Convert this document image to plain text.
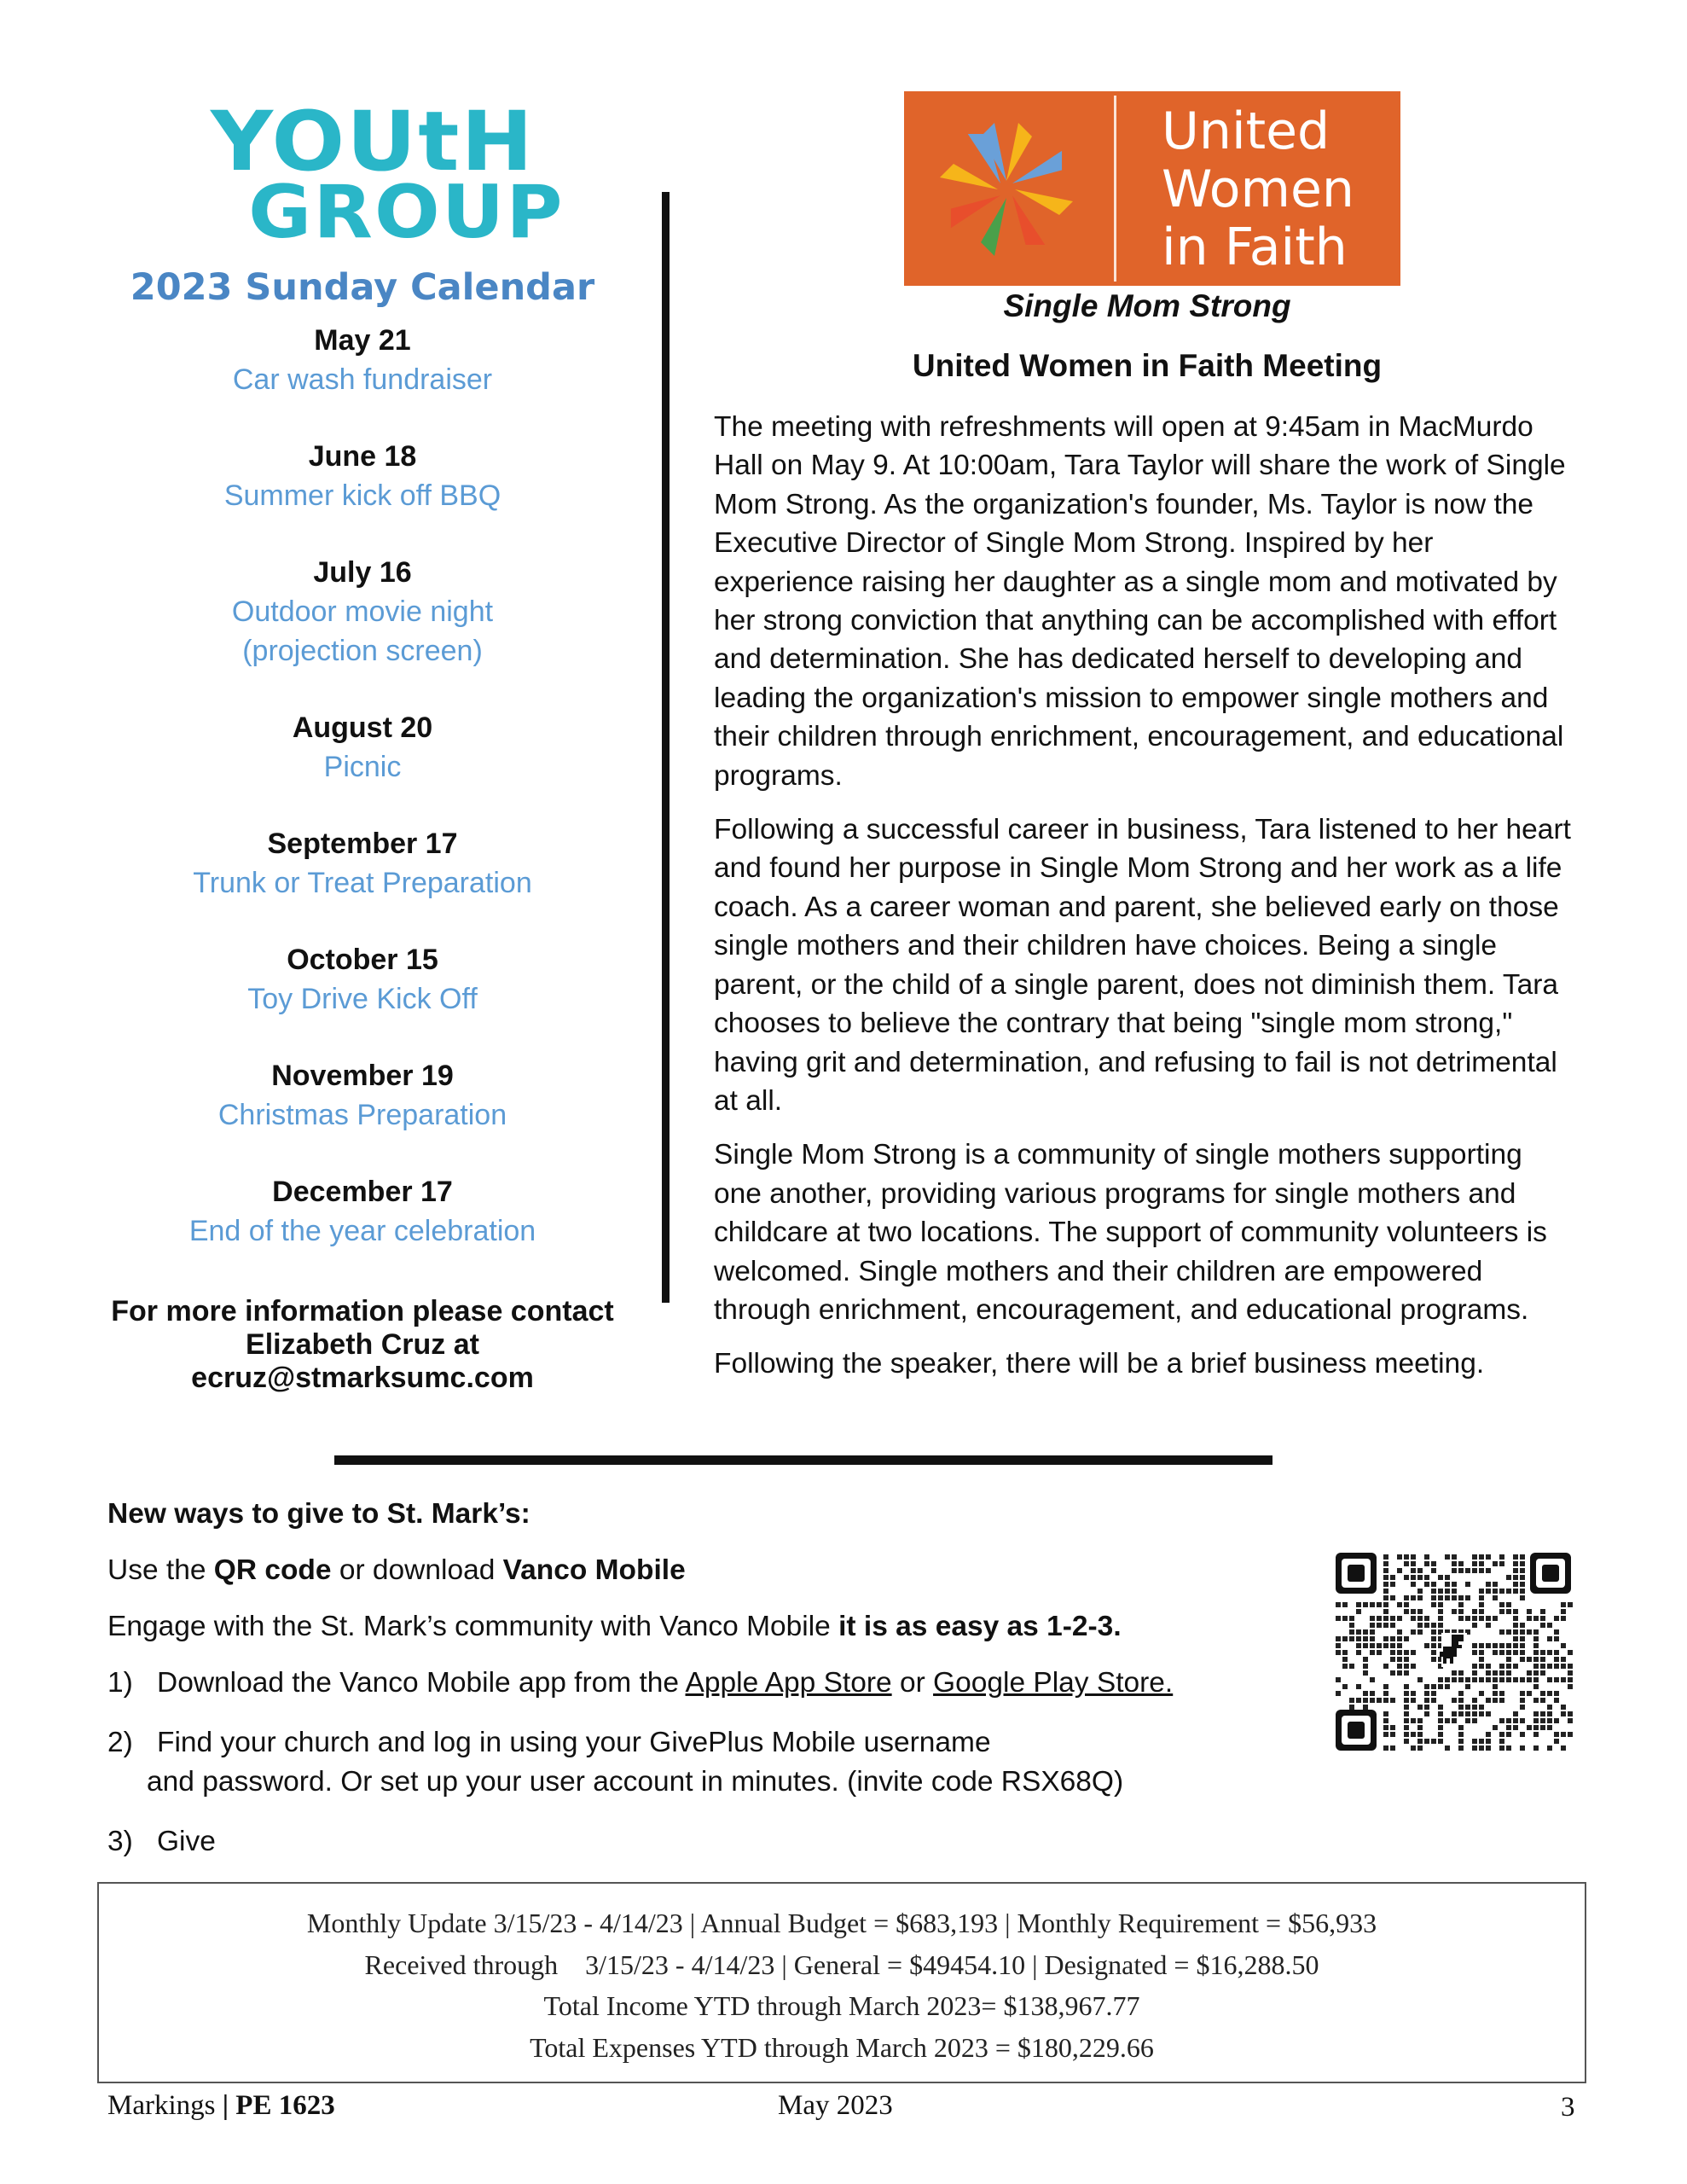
YOUtH
GROUP
2023 Sunday Calendar
May 21
Car wash fundraiser
June 18
Summer kick off BBQ
July 16
Outdoor movie night
(projection screen)
August 20
Picnic
September 17
Trunk or Treat Preparation
October 15
Toy Drive Kick Off
November 19
Christmas Preparation
December 17
End of the year celebration
For more information please contact
Elizabeth Cruz at
ecruz@stmarksumc.com
United
Women
in Faith
Single Mom Strong
United Women in Faith Meeting

The meeting with refreshments will open at 9:45am in MacMurdo Hall on May 9. At 10:00am, Tara Taylor will share the work of Single Mom Strong. As the organization's founder, Ms. Taylor is now the Executive Director of Single Mom Strong. Inspired by her experience raising her daughter as a single mom and motivated by her strong conviction that anything can be accomplished with effort and determination. She has dedicated herself to developing and leading the organization's mission to empower single mothers and their children through enrichment, encouragement, and educational programs.

Following a successful career in business, Tara listened to her heart and found her purpose in Single Mom Strong and her work as a life coach. As a career woman and parent, she believed early on those single mothers and their children have choices. Being a single parent, or the child of a single parent, does not diminish them. Tara chooses to believe the contrary that being "single mom strong," having grit and determination, and refusing to fail is not detrimental at all.

Single Mom Strong is a community of single mothers supporting one another, providing various programs for single mothers and childcare at two locations. The support of community volunteers is welcomed. Single mothers and their children are empowered through enrichment, encouragement, and educational programs.

Following the speaker, there will be a brief business meeting.

New ways to give to St. Mark’s:
Use the QR code or download Vanco Mobile
Engage with the St. Mark’s community with Vanco Mobile it is as easy as 1-2-3.
1) Download the Vanco Mobile app from the Apple App Store or Google Play Store.
2) Find your church and log in using your GivePlus Mobile username
and password. Or set up your user account in minutes. (invite code RSX68Q)
3) Give
Monthly Update 3/15/23 - 4/14/23 | Annual Budget = $683,193 | Monthly Requirement = $56,933
Received through    3/15/23 - 4/14/23 | General = $49454.10 | Designated = $16,288.50
Total Income YTD through March 2023= $138,967.77
Total Expenses YTD through March 2023 = $180,229.66
Markings | PE 1623	May 2023	3
